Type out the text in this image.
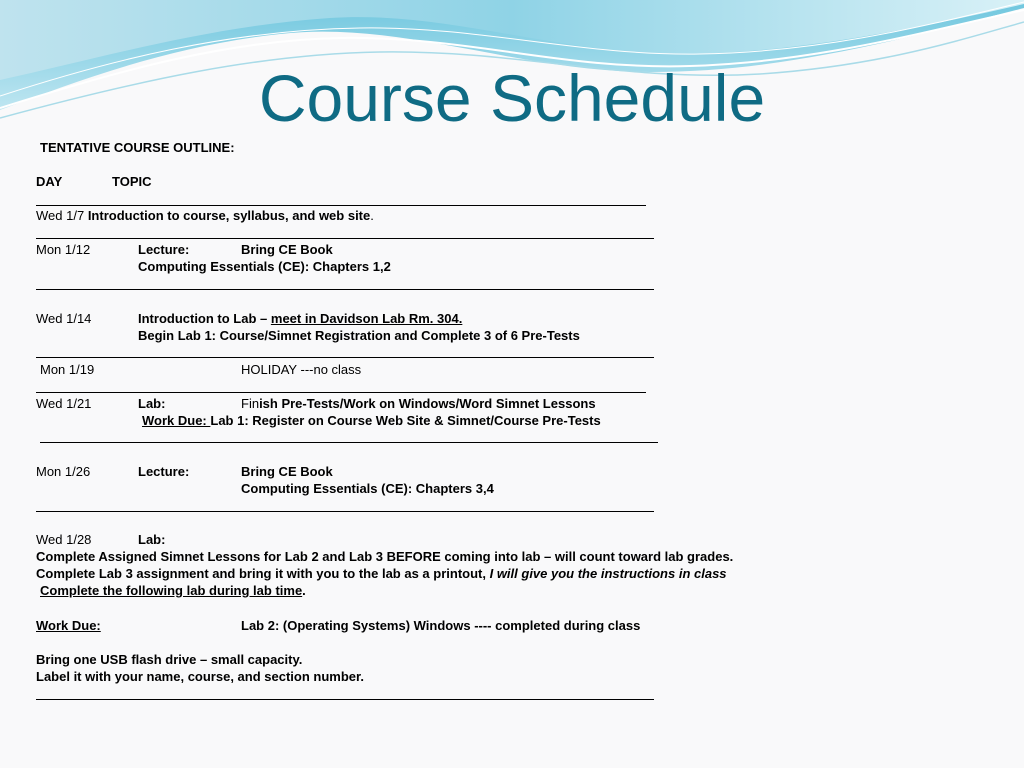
Course Schedule
TENTATIVE COURSE OUTLINE:
DAY	TOPIC
Wed 1/7 Introduction to course, syllabus, and web site.
Mon 1/12	Lecture:	Bring CE Book
Computing Essentials (CE): Chapters 1,2
Wed 1/14	Introduction to Lab – meet in Davidson Lab Rm. 304.
Begin Lab 1: Course/Simnet Registration and Complete 3 of 6 Pre-Tests
Mon 1/19	HOLIDAY ---no class
Wed 1/21	Lab:	Finish Pre-Tests/Work on Windows/Word Simnet Lessons
Work Due: Lab 1: Register on Course Web Site & Simnet/Course Pre-Tests
Mon 1/26	Lecture:	Bring CE Book
Computing Essentials (CE): Chapters 3,4
Wed 1/28	Lab:
Complete Assigned Simnet Lessons for Lab 2 and Lab 3 BEFORE coming into lab – will count toward lab grades.
Complete Lab 3 assignment and bring it with you to the lab as a printout, I will give you the instructions in class
Complete the following lab during lab time.
Work Due:	Lab 2: (Operating Systems) Windows ---- completed during class
Bring one USB flash drive – small capacity.
Label it with your name, course, and section number.
